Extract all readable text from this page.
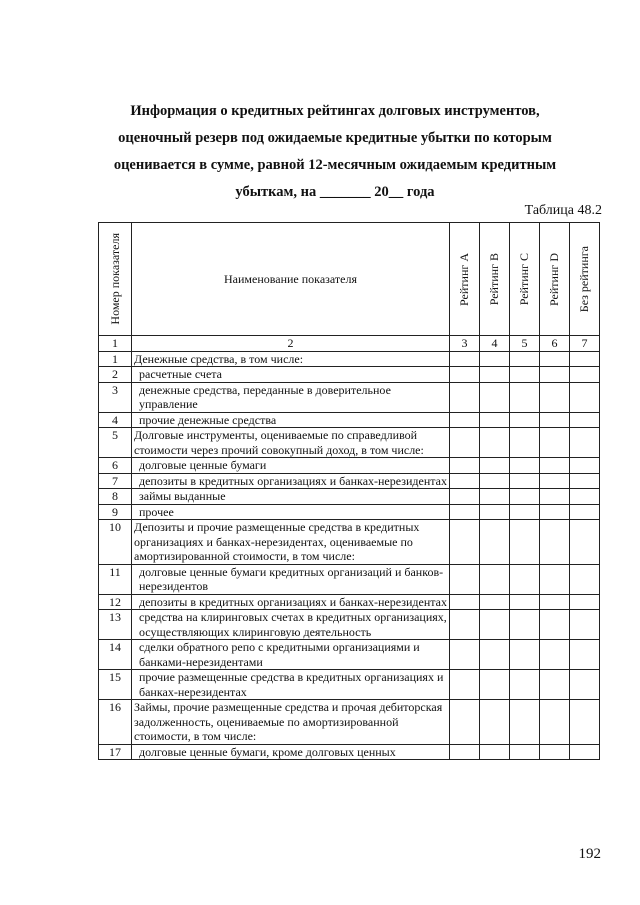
Информация о кредитных рейтингах долговых инструментов,
оценочный резерв под ожидаемые кредитные убытки по которым
оценивается в сумме, равной 12-месячным ожидаемым кредитным
убыткам, на _______ 20__ года
Таблица 48.2
Номер показателя	Наименование показателя	Рейтинг А	Рейтинг В	Рейтинг С	Рейтинг D	Без рейтинга

1	2	3	4	5	6	7
1	Денежные средства, в том числе:					
2	расчетные счета					
3	денежные средства, переданные в доверительное управление					
4	прочие денежные средства					
5	Долговые инструменты, оцениваемые по справедливой стоимости через прочий совокупный доход, в том числе:					
6	долговые ценные бумаги					
7	депозиты в кредитных организациях и банках-нерезидентах					
8	займы выданные					
9	прочее					
10	Депозиты и прочие размещенные средства в кредитных организациях и банках-нерезидентах, оцениваемые по амортизированной стоимости, в том числе:					
11	долговые ценные бумаги кредитных организаций и банков-нерезидентов					
12	депозиты в кредитных организациях и банках-нерезидентах					
13	средства на клиринговых счетах в кредитных организациях, осуществляющих клиринговую деятельность					
14	сделки обратного репо с кредитными организациями и банками-нерезидентами					
15	прочие размещенные средства в кредитных организациях и банках-нерезидентах					
16	Займы, прочие размещенные средства и прочая дебиторская задолженность, оцениваемые по амортизированной стоимости, в том числе:					
17	долговые ценные бумаги, кроме долговых ценных					
192
